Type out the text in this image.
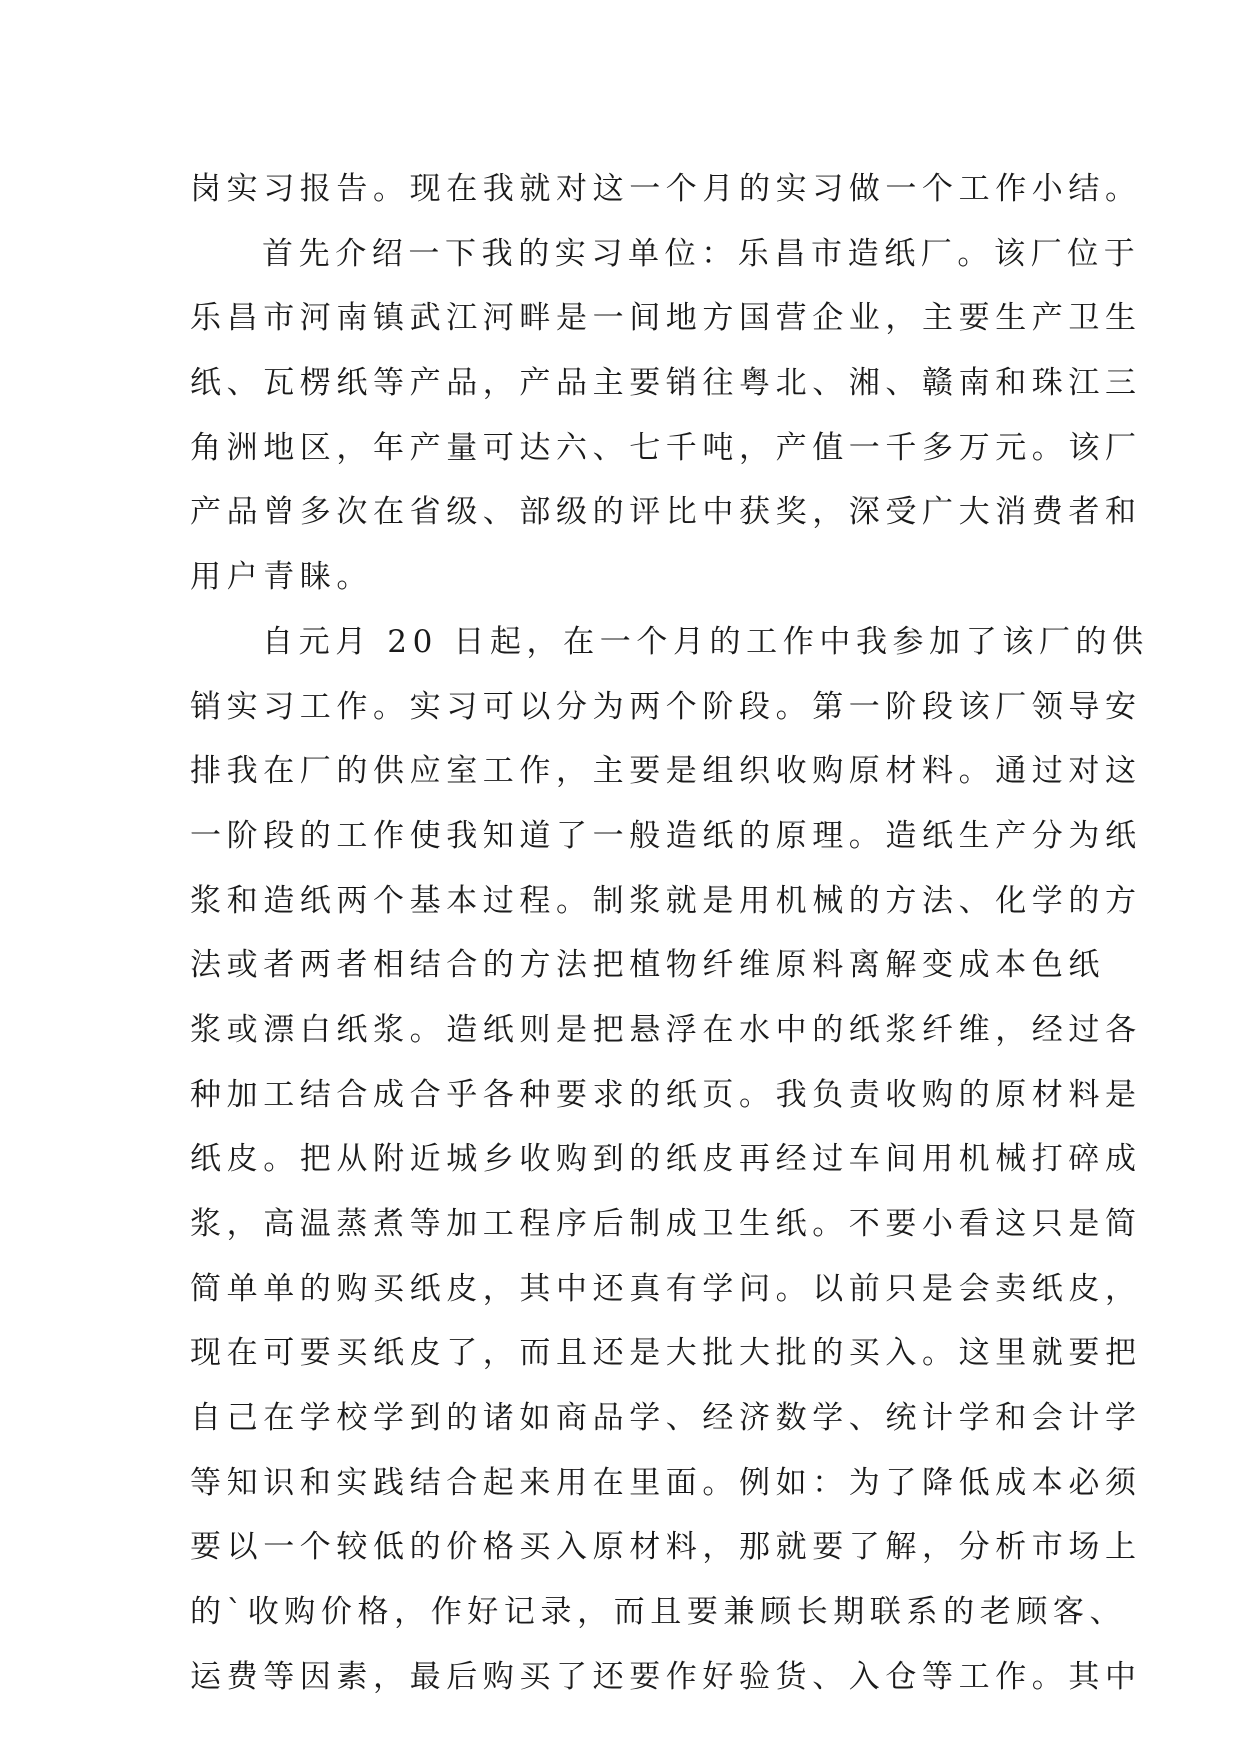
岗实习报告。现在我就对这一个月的实习做一个工作小结。
首先介绍一下我的实习单位：乐昌市造纸厂。该厂位于
乐昌市河南镇武江河畔是一间地方国营企业，主要生产卫生
纸、瓦楞纸等产品，产品主要销往粤北、湘、赣南和珠江三
角洲地区，年产量可达六、七千吨，产值一千多万元。该厂
产品曾多次在省级、部级的评比中获奖，深受广大消费者和
用户青睐。
自元月 20 日起，在一个月的工作中我参加了该厂的供
销实习工作。实习可以分为两个阶段。第一阶段该厂领导安
排我在厂的供应室工作，主要是组织收购原材料。通过对这
一阶段的工作使我知道了一般造纸的原理。造纸生产分为纸
浆和造纸两个基本过程。制浆就是用机械的方法、化学的方
法或者两者相结合的方法把植物纤维原料离解变成本色纸
浆或漂白纸浆。造纸则是把悬浮在水中的纸浆纤维，经过各
种加工结合成合乎各种要求的纸页。我负责收购的原材料是
纸皮。把从附近城乡收购到的纸皮再经过车间用机械打碎成
浆，高温蒸煮等加工程序后制成卫生纸。不要小看这只是简
简单单的购买纸皮，其中还真有学问。以前只是会卖纸皮，
现在可要买纸皮了，而且还是大批大批的买入。这里就要把
自己在学校学到的诸如商品学、经济数学、统计学和会计学
等知识和实践结合起来用在里面。例如：为了降低成本必须
要以一个较低的价格买入原材料，那就要了解，分析市场上
的`收购价格，作好记录，而且要兼顾长期联系的老顾客、
运费等因素，最后购买了还要作好验货、入仓等工作。其中
